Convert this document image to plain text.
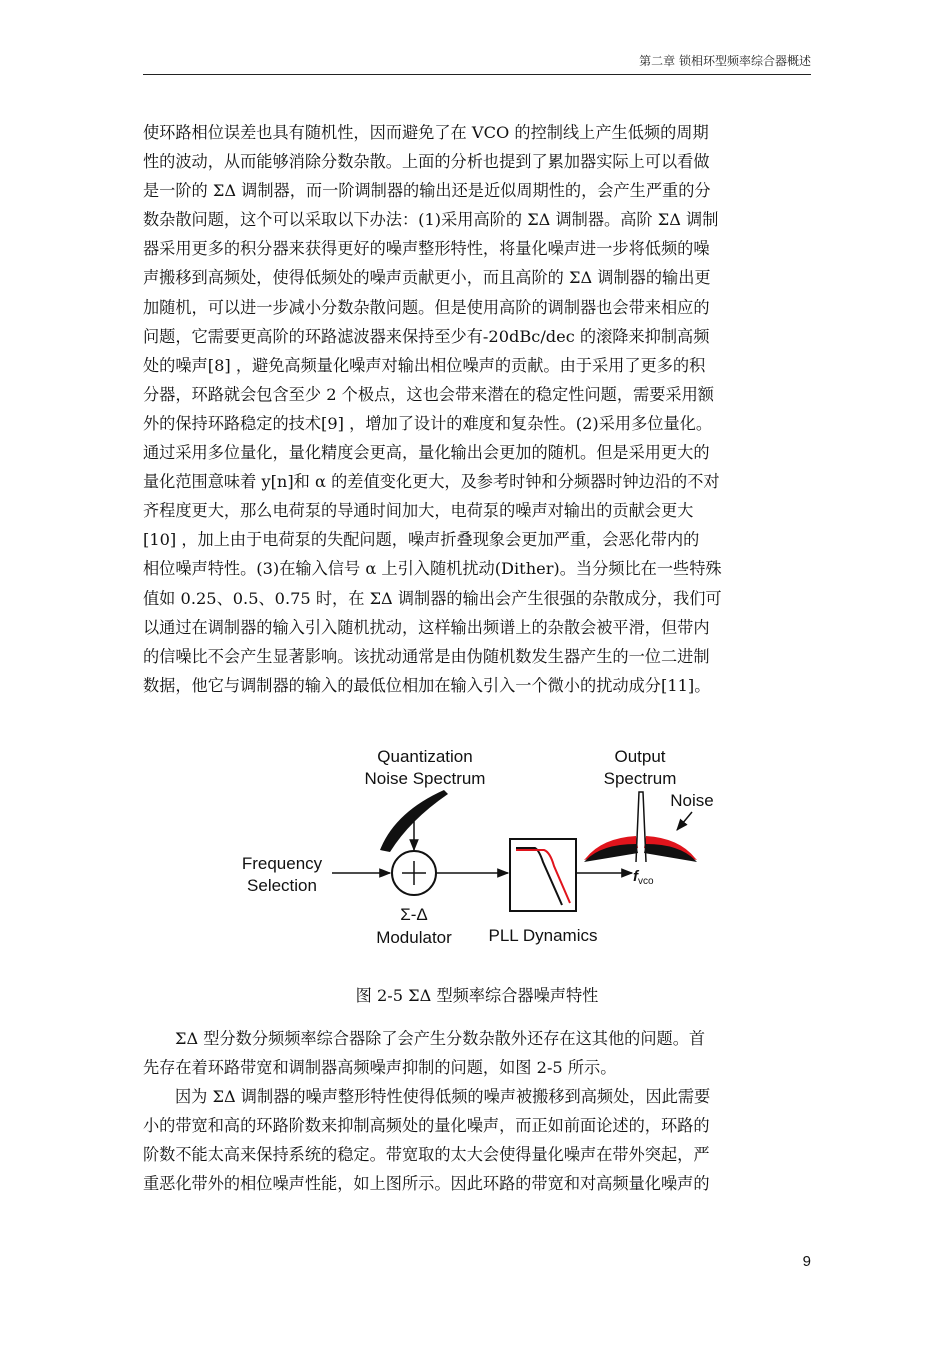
第二章 锁相环型频率综合器概述
使环路相位误差也具有随机性，因而避免了在 VCO 的控制线上产生低频的周期
性的波动，从而能够消除分数杂散。上面的分析也提到了累加器实际上可以看做
是一阶的 ΣΔ 调制器，而一阶调制器的输出还是近似周期性的，会产生严重的分
数杂散问题，这个可以采取以下办法：(1)采用高阶的 ΣΔ 调制器。高阶 ΣΔ 调制
器采用更多的积分器来获得更好的噪声整形特性，将量化噪声进一步将低频的噪
声搬移到高频处，使得低频处的噪声贡献更小，而且高阶的 ΣΔ 调制器的输出更
加随机，可以进一步减小分数杂散问题。但是使用高阶的调制器也会带来相应的
问题，它需要更高阶的环路滤波器来保持至少有-20dBc/dec 的滚降来抑制高频
处的噪声[8] ，避免高频量化噪声对输出相位噪声的贡献。由于采用了更多的积
分器，环路就会包含至少 2 个极点，这也会带来潜在的稳定性问题，需要采用额
外的保持环路稳定的技术[9] ，增加了设计的难度和复杂性。(2)采用多位量化。
通过采用多位量化，量化精度会更高，量化输出会更加的随机。但是采用更大的
量化范围意味着 y[n]和 α 的差值变化更大，及参考时钟和分频器时钟边沿的不对
齐程度更大，那么电荷泵的导通时间加大，电荷泵的噪声对输出的贡献会更大
[10] ，加上由于电荷泵的失配问题，噪声折叠现象会更加严重，会恶化带内的
相位噪声特性。(3)在输入信号 α 上引入随机扰动(Dither)。当分频比在一些特殊
值如 0.25、0.5、0.75 时，在 ΣΔ 调制器的输出会产生很强的杂散成分，我们可
以通过在调制器的输入引入随机扰动，这样输出频谱上的杂散会被平滑，但带内
的信噪比不会产生显著影响。该扰动通常是由伪随机数发生器产生的一位二进制
数据，他它与调制器的输入的最低位相加在输入引入一个微小的扰动成分[11]。
Quantization
Noise Spectrum
Output
Spectrum
Noise
Frequency
Selection	$f_{vco}$
Σ-Δ
Modulator PLL Dynamics

图 2-5 ΣΔ 型频率综合器噪声特性

ΣΔ 型分数分频频率综合器除了会产生分数杂散外还存在这其他的问题。首
先存在着环路带宽和调制器高频噪声抑制的问题，如图 2-5 所示。
因为 ΣΔ 调制器的噪声整形特性使得低频的噪声被搬移到高频处，因此需要
小的带宽和高的环路阶数来抑制高频处的量化噪声，而正如前面论述的，环路的
阶数不能太高来保持系统的稳定。带宽取的太大会使得量化噪声在带外突起，严
重恶化带外的相位噪声性能，如上图所示。因此环路的带宽和对高频量化噪声的
9
